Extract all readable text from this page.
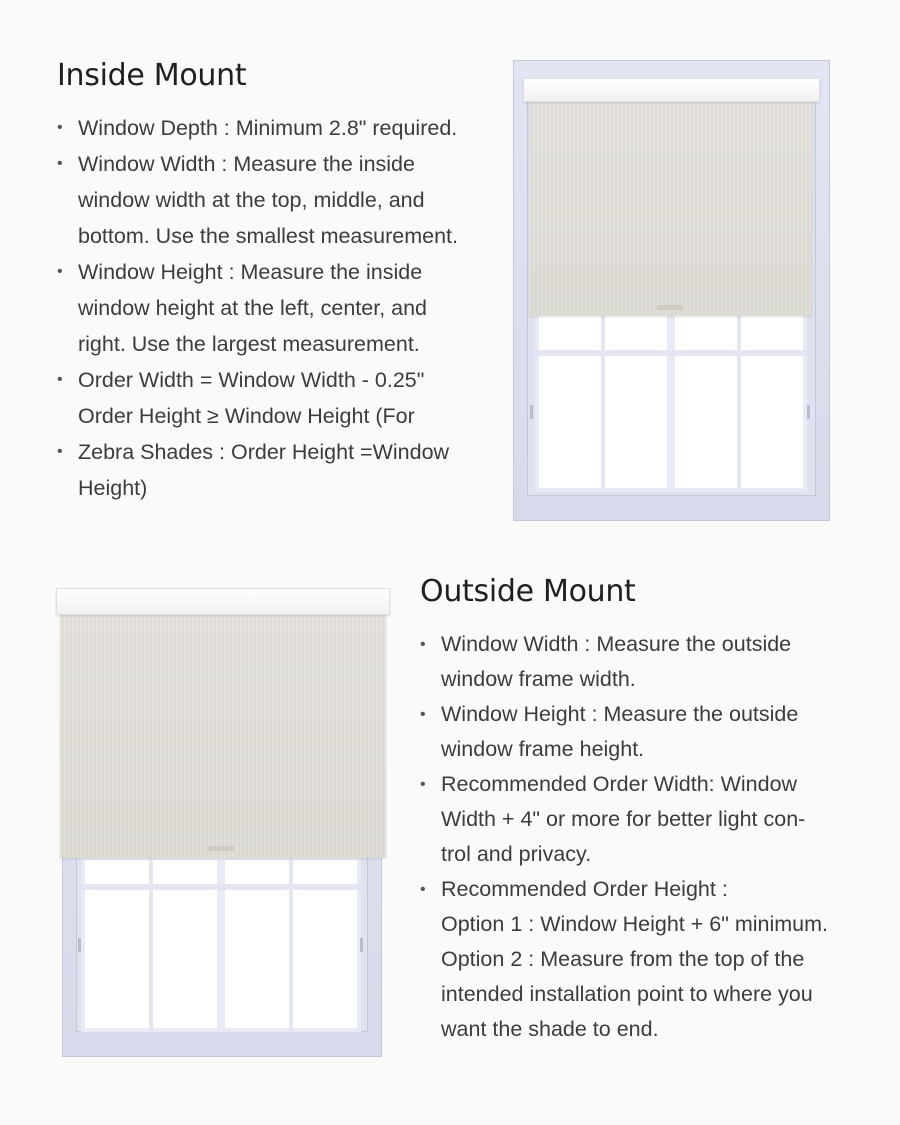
Inside Mount
• Window Depth : Minimum 2.8" required.
• Window Width : Measure the inside
window width at the top, middle, and
bottom. Use the smallest measurement.
• Window Height : Measure the inside
window height at the left, center, and
right. Use the largest measurement.
• Order Width = Window Width - 0.25"
Order Height ≥ Window Height (For
• Zebra Shades : Order Height =Window
Height)
Outside Mount
• Window Width : Measure the outside
window frame width.
• Window Height : Measure the outside
window frame height.
• Recommended Order Width: Window
Width + 4" or more for better light con-
trol and privacy.
• Recommended Order Height :
Option 1 : Window Height + 6" minimum.
Option 2 : Measure from the top of the
intended installation point to where you
want the shade to end.
